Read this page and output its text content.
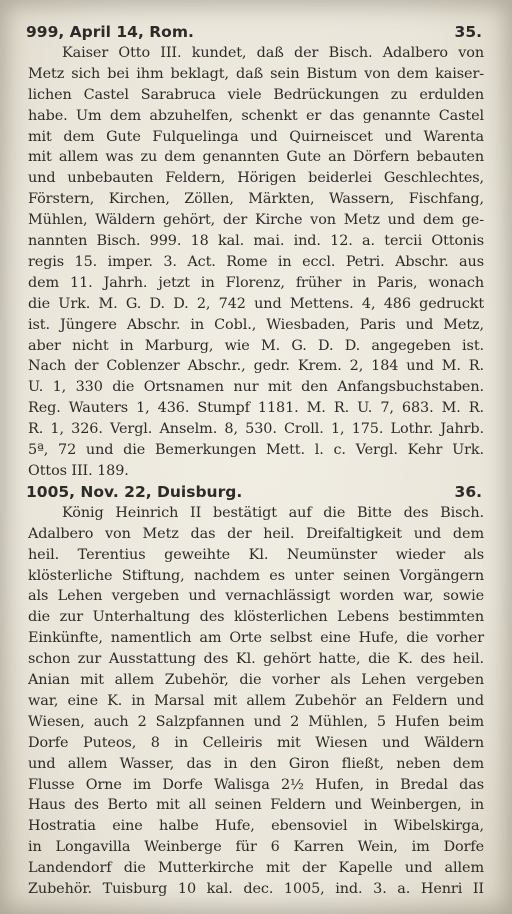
999, April 14, Rom.	35.
Kaiser Otto III. kundet, daß der Bisch. Adalbero von
Metz sich bei ihm beklagt, daß sein Bistum von dem kaiser-
lichen Castel Sarabruca viele Bedrückungen zu erdulden
habe. Um dem abzuhelfen, schenkt er das genannte Castel
mit dem Gute Fulquelinga und Quirneiscet und Warenta
mit allem was zu dem genannten Gute an Dörfern bebauten
und unbebauten Feldern, Hörigen beiderlei Geschlechtes,
Förstern, Kirchen, Zöllen, Märkten, Wassern, Fischfang,
Mühlen, Wäldern gehört, der Kirche von Metz und dem ge-
nannten Bisch. 999. 18 kal. mai. ind. 12. a. tercii Ottonis
regis 15. imper. 3. Act. Rome in eccl. Petri. Abschr. aus
dem 11. Jahrh. jetzt in Florenz, früher in Paris, wonach
die Urk. M. G. D. D. 2, 742 und Mettens. 4, 486 gedruckt
ist. Jüngere Abschr. in Cobl., Wiesbaden, Paris und Metz,
aber nicht in Marburg, wie M. G. D. D. angegeben ist.
Nach der Coblenzer Abschr., gedr. Krem. 2, 184 und M. R.
U. 1, 330 die Ortsnamen nur mit den Anfangsbuchstaben.
Reg. Wauters 1, 436. Stumpf 1181. M. R. U. 7, 683. M. R.
R. 1, 326. Vergl. Anselm. 8, 530. Croll. 1, 175. Lothr. Jahrb.
5ª, 72 und die Bemerkungen Mett. l. c. Vergl. Kehr Urk.
Ottos III. 189.
1005, Nov. 22, Duisburg.	36.
König Heinrich II bestätigt auf die Bitte des Bisch.
Adalbero von Metz das der heil. Dreifaltigkeit und dem
heil. Terentius geweihte Kl. Neumünster wieder als
klösterliche Stiftung, nachdem es unter seinen Vorgängern
als Lehen vergeben und vernachlässigt worden war, sowie
die zur Unterhaltung des klösterlichen Lebens bestimmten
Einkünfte, namentlich am Orte selbst eine Hufe, die vorher
schon zur Ausstattung des Kl. gehört hatte, die K. des heil.
Anian mit allem Zubehör, die vorher als Lehen vergeben
war, eine K. in Marsal mit allem Zubehör an Feldern und
Wiesen, auch 2 Salzpfannen und 2 Mühlen, 5 Hufen beim
Dorfe Puteos, 8 in Celleiris mit Wiesen und Wäldern
und allem Wasser, das in den Giron fließt, neben dem
Flusse Orne im Dorfe Walisga 2½ Hufen, in Bredal das
Haus des Berto mit all seinen Feldern und Weinbergen, in
Hostratia eine halbe Hufe, ebensoviel in Wibelskirga,
in Longavilla Weinberge für 6 Karren Wein, im Dorfe
Landendorf die Mutterkirche mit der Kapelle und allem
Zubehör. Tuisburg 10 kal. dec. 1005, ind. 3. a. Henri II
